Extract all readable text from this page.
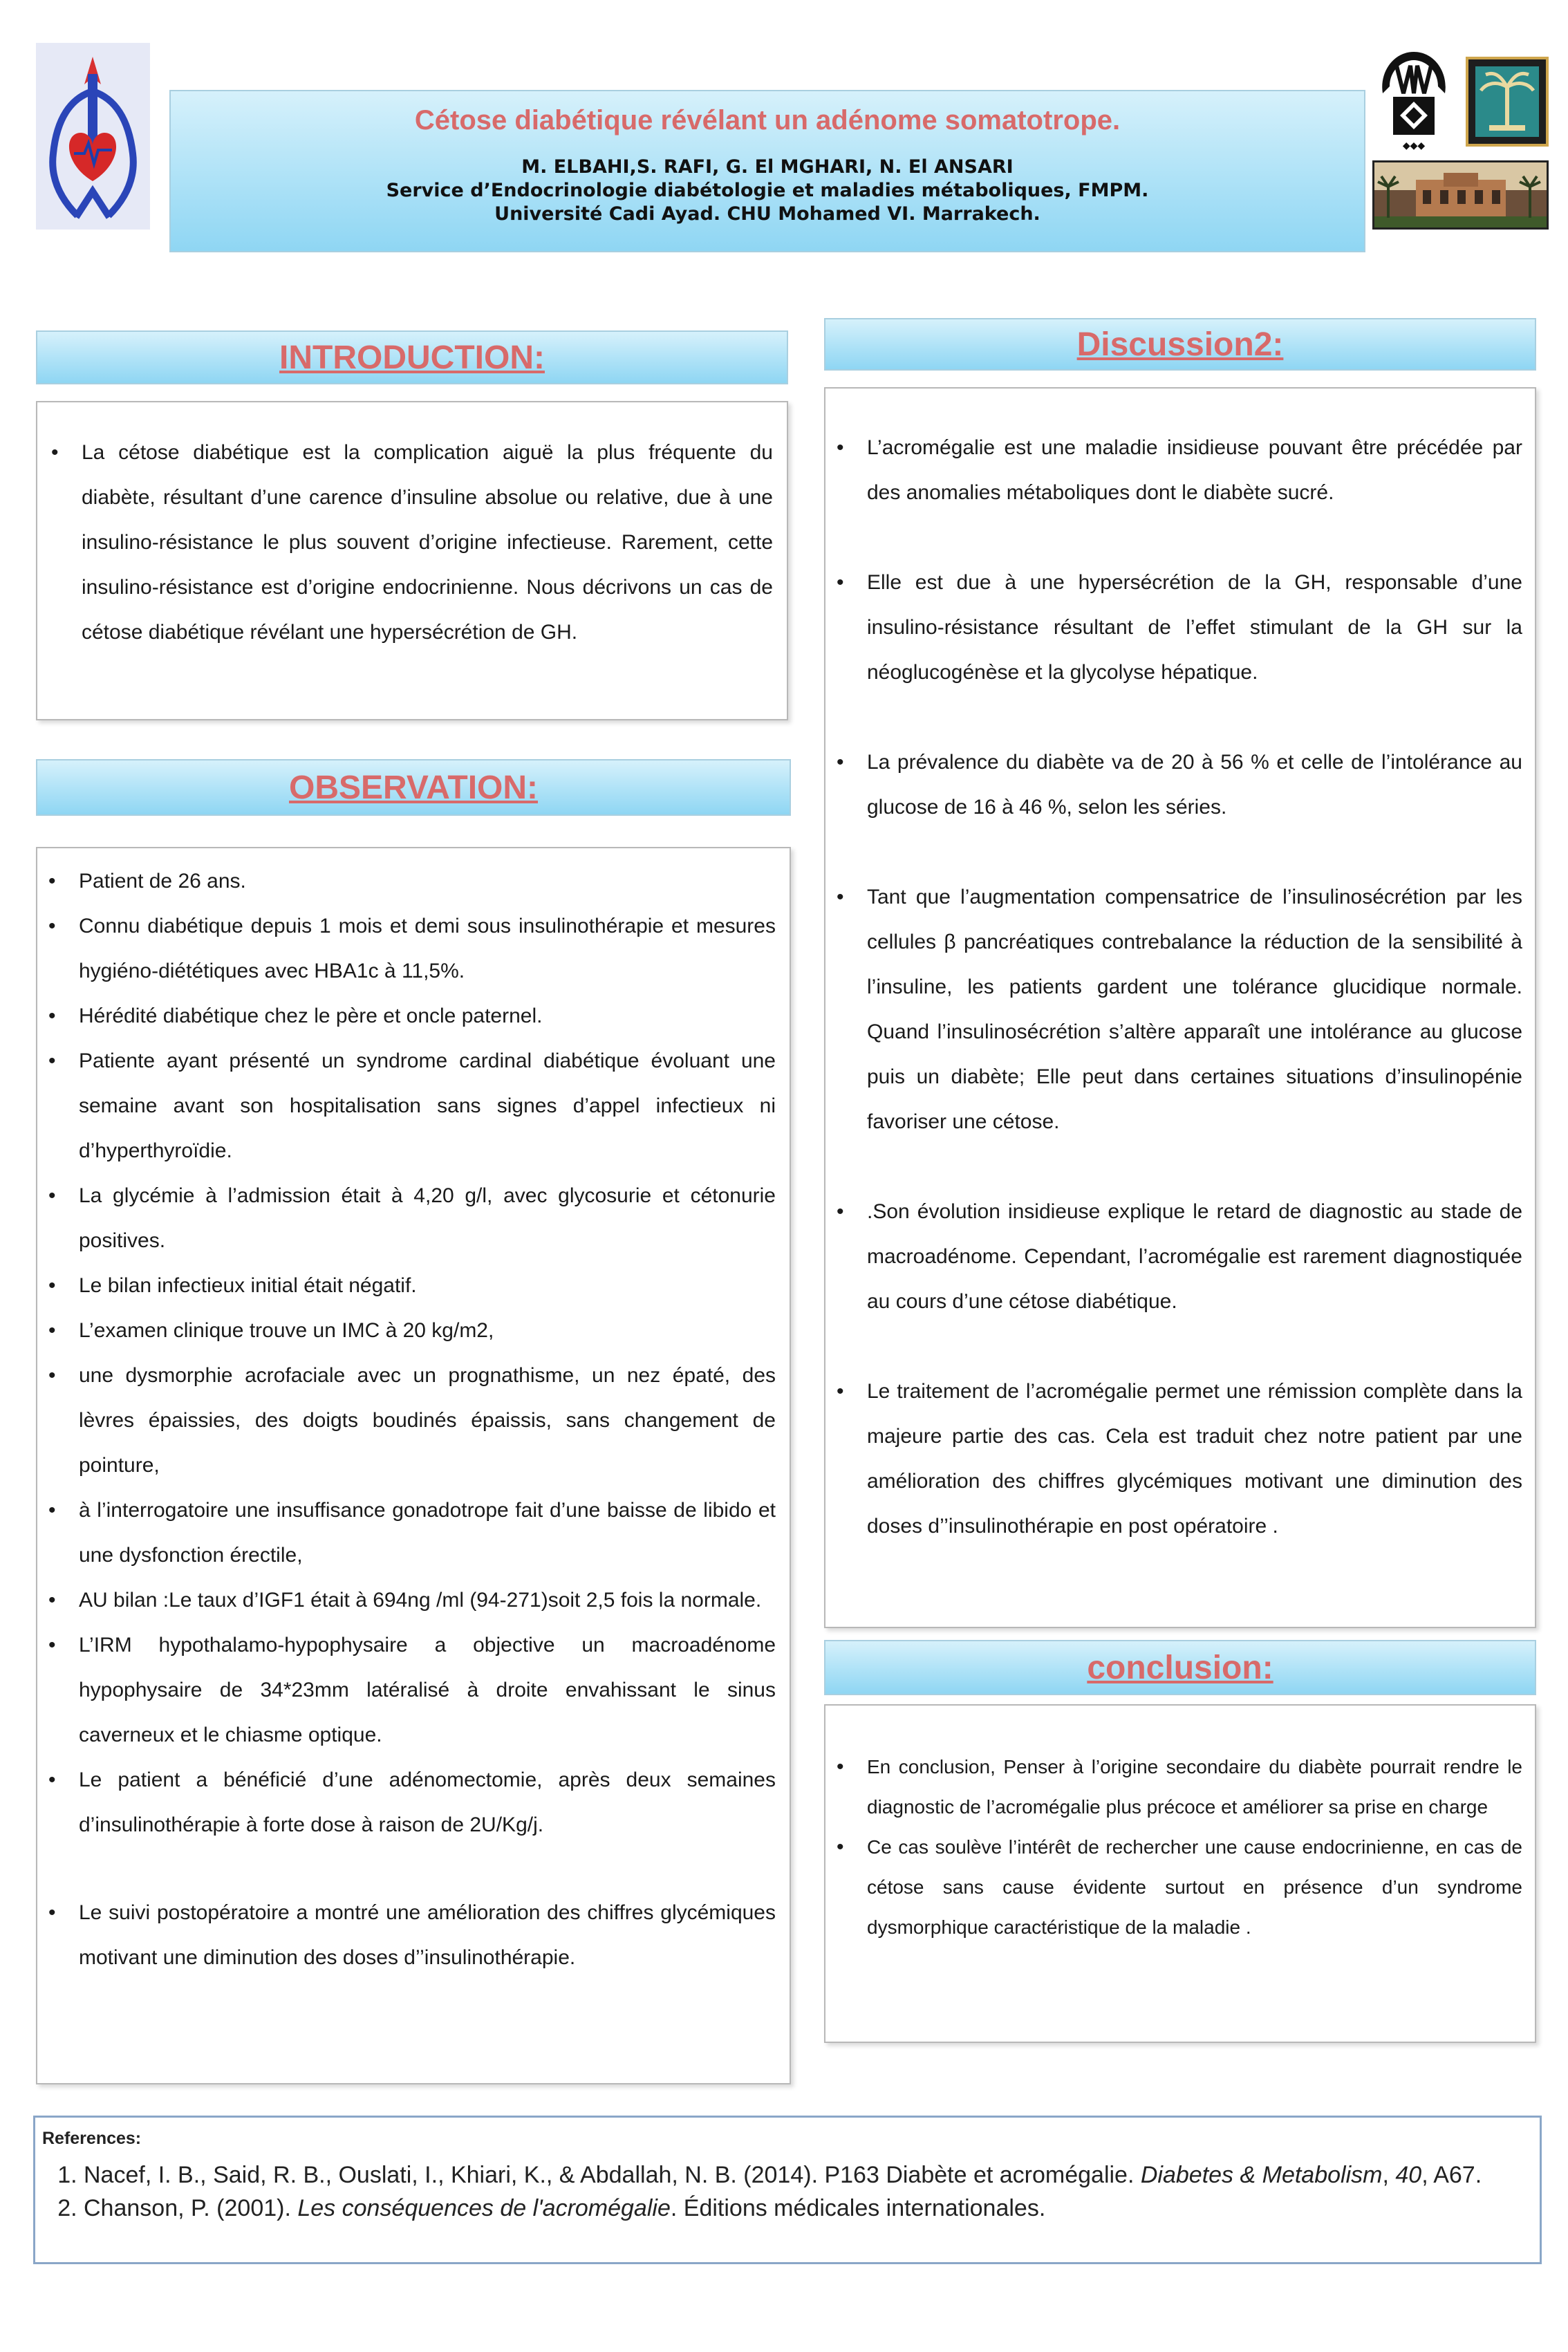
Cétose diabétique révélant un adénome somatotrope.
M. ELBAHI,S. RAFI, G. El MGHARI, N. El ANSARI
Service d’Endocrinologie diabétologie et maladies métaboliques, FMPM.
Université Cadi Ayad. CHU Mohamed VI. Marrakech.
◆◆◆
INTRODUCTION:
• La cétose diabétique est la complication aiguë la plus fréquente du diabète, résultant d’une carence d’insuline absolue ou relative, due à une insulino-résistance le plus souvent d’origine infectieuse. Rarement, cette insulino-résistance est d’origine endocrinienne. Nous décrivons un cas de cétose diabétique révélant une hypersécrétion de GH.
OBSERVATION:
• Patient de 26 ans.
• Connu diabétique depuis 1 mois et demi sous insulinothérapie et mesures hygiéno-diététiques avec HBA1c à 11,5%.
• Hérédité diabétique chez le père et oncle paternel.
• Patiente ayant présenté un syndrome cardinal diabétique évoluant une semaine avant son hospitalisation sans signes d’appel infectieux ni d’hyperthyroïdie.
• La glycémie à l’admission était à 4,20 g/l, avec glycosurie et cétonurie positives.
• Le bilan infectieux initial était négatif.
• L’examen clinique trouve un IMC à 20 kg/m2,
• une dysmorphie acrofaciale avec un prognathisme, un nez épaté, des lèvres épaissies, des doigts boudinés épaissis, sans changement de pointure,
• à l’interrogatoire une insuffisance gonadotrope fait d’une baisse de libido et une dysfonction érectile,
• AU bilan :Le taux d’IGF1 était à 694ng /ml (94-271)soit 2,5 fois la normale.
• L’IRM hypothalamo-hypophysaire a objective un macroadénome hypophysaire de 34*23mm latéralisé à droite envahissant le sinus caverneux et le chiasme optique.
• Le patient a bénéficié d’une adénomectomie, après deux semaines d’insulinothérapie à forte dose à raison de 2U/Kg/j.
• Le suivi postopératoire a montré une amélioration des chiffres glycémiques motivant une diminution des doses d’’insulinothérapie.
Discussion2:
• L’acromégalie est une maladie insidieuse pouvant être précédée par des anomalies métaboliques dont le diabète sucré.
• Elle est due à une hypersécrétion de la GH, responsable d’une insulino-résistance résultant de l’effet stimulant de la GH sur la néoglucogénèse et la glycolyse hépatique.
• La prévalence du diabète va de 20 à 56 % et celle de l’intolérance au glucose de 16 à 46 %, selon les séries.
• Tant que l’augmentation compensatrice de l’insulinosécrétion par les cellules β pancréatiques contrebalance la réduction de la sensibilité à l’insuline, les patients gardent une tolérance glucidique normale. Quand l’insulinosécrétion s’altère apparaît une intolérance au glucose puis un diabète; Elle peut dans certaines situations d’insulinopénie favoriser une cétose.
• .Son évolution insidieuse explique le retard de diagnostic au stade de macroadénome. Cependant, l’acromégalie est rarement diagnostiquée au cours d’une cétose diabétique.
• Le traitement de l’acromégalie permet une rémission complète dans la majeure partie des cas. Cela est traduit chez notre patient par une amélioration des chiffres glycémiques motivant une diminution des doses d’’insulinothérapie en post opératoire .
conclusion:
• En conclusion, Penser à l’origine secondaire du diabète pourrait rendre le diagnostic de l’acromégalie plus précoce et améliorer sa prise en charge
• Ce cas soulève l’intérêt de rechercher une cause endocrinienne, en cas de cétose sans cause évidente surtout en présence d’un syndrome dysmorphique caractéristique de la maladie .
References:
1. Nacef, I. B., Said, R. B., Ouslati, I., Khiari, K., & Abdallah, N. B. (2014). P163 Diabète et acromégalie. Diabetes & Metabolism, 40, A67.
2. Chanson, P. (2001). Les conséquences de l'acromégalie. Éditions médicales internationales.
